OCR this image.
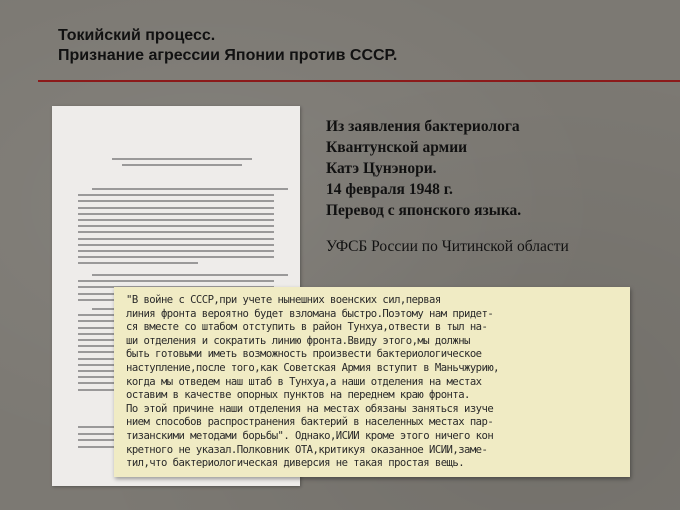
Токийский процесс.
Признание агрессии Японии против СССР.
Из заявления бактериолога
Квантунской армии
Катэ Цунэнори.
14 февраля 1948 г.
Перевод с японского языка.
УФСБ России по Читинской области

"В войне с СССР,при учете нынешних военских сил,первая
линия фронта вероятно будет взломана быстро.Поэтому нам придет-
ся вместе со штабом отступить в район Тунхуа,отвести в тыл на-
ши отделения и сократить линию фронта.Ввиду этого,мы должны
быть готовыми иметь возможность произвести бактериологическое
наступление,после того,как Советская Армия вступит в Маньчжурию,
когда мы отведем наш штаб в Тунхуа,а наши отделения на местах
оставим в качестве опорных пунктов на переднем краю фронта.
По этой причине наши отделения на местах обязаны заняться изуче
нием способов распространения бактерий в населенных местах пар-
тизанскими методами борьбы". Однако,ИСИИ кроме этого ничего кон
кретного не указал.Полковник ОТА,критикуя оказанное ИСИИ,заме-
тил,что бактериологическая диверсия не такая простая вещь.
